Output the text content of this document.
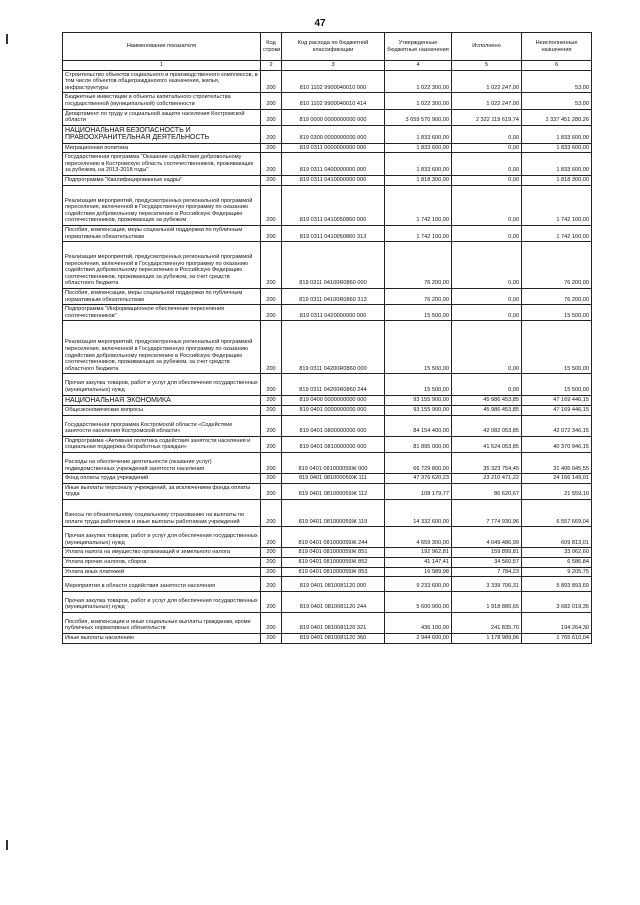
47
Наименование показателя	Код строки	Код расхода по бюджетной классификации	Утвержденные бюджетные назначения	Исполнено	Неисполненные назначения
1	2	3	4	5	6
Строительство объектов социального и производственного комплексов, в том числе объектов общегражданского назначения, жилья, инфраструктуры	200	810 1102 9900040010 000	1 022 300,00	1 022 247,00	53,00
Бюджетные инвестиции в объекты капитального строительства государственной (муниципальной) собственности	200	810 1102 9900040010 414	1 022 300,00	1 022 247,00	53,00
Департамент по труду и социальной защите населения Костромской области	200	819 0000 0000000000 000	3 659 570 900,00	2 322 119 619,74	1 337 451 280,26
НАЦИОНАЛЬНАЯ БЕЗОПАСНОСТЬ И ПРАВООХРАНИТЕЛЬНАЯ ДЕЯТЕЛЬНОСТЬ	200	819 0300 0000000000 000	1 833 600,00	0,00	1 833 600,00
Миграционная политика	200	819 0311 0000000000 000	1 833 600,00	0,00	1 833 600,00
Государственная программа "Оказание содействия добровольному переселению в Костромскую область соотечественников, проживающих за рубежом, на 2013-2018 годы"	200	819 0311 0400000000 000	1 833 600,00	0,00	1 833 600,00
Подпрограмма "Квалифицированные кадры"	200	819 0311 0410000000 000	1 818 300,00	0,00	1 818 300,00
Реализация мероприятий, предусмотренных региональной программой переселения, включенной в Государственную программу по оказанию содействия добровольному переселению в Российскую Федерацию соотечественников, проживающих за рубежом	200	819 0311 0410050860 000	1 742 100,00	0,00	1 742 100,00
Пособия, компенсации, меры социальной поддержки по публичным нормативным обязательствам	200	819 0311 0410050860 313	1 742 100,00	0,00	1 742 100,00
Реализация мероприятий, предусмотренных региональной программой переселения, включенной в Государственную программу по оказанию содействия добровольному переселению в Российскую Федерацию соотечественников, проживающих за рубежом, за счет средств областного бюджета	200	819 0311 04100R0860 000	76 200,00	0,00	76 200,00
Пособия, компенсации, меры социальной поддержки по публичным нормативным обязательствам	200	819 0311 04100R0860 313	76 200,00	0,00	76 200,00
Подпрограмма "Информационное обеспечение переселения соотечественников"	200	819 0311 0420000000 000	15 500,00	0,00	15 500,00
Реализация мероприятий, предусмотренных региональной программой переселения, включенной в Государственную программу по оказанию содействия добровольному переселению в Российскую Федерацию соотечественников, проживающих за рубежом, за счет средств областного бюджета	200	819 0311 04200R0860 000	15 500,00	0,00	15 500,00
Прочая закупка товаров, работ и услуг для обеспечения государственных (муниципальных) нужд	200	819 0311 04200R0860 244	15 500,00	0,00	15 500,00
НАЦИОНАЛЬНАЯ ЭКОНОМИКА	200	819 0400 0000000000 000	93 155 900,00	45 986 453,85	47 169 446,15
Общеэкономические вопросы	200	819 0401 0000000000 000	93 155 900,00	45 986 453,85	47 169 446,15
Государственная программа Костромской области «Содействие занятости населения Костромской области»	200	819 0401 0800000000 000	84 154 400,00	42 082 053,85	42 072 346,15
Подпрограмма «Активная политика содействия занятости населения и социальная поддержка безработных граждан»	200	819 0401 0810000000 000	81 895 000,00	41 524 053,85	40 370 946,15
Расходы на обеспечение деятельности (оказание услуг) подведомственных учреждений занятости населения	200	819 0401 081000059Ж 000	66 729 800,00	35 323 754,45	31 406 045,55
Фонд оплаты труда учреждений	200	819 0401 081000059Ж 111	47 376 620,23	23 210 471,22	24 166 149,01
Иные выплаты персоналу учреждений, за исключением фонда оплаты труда	200	819 0401 081000059Ж 112	108 179,77	86 620,67	21 559,10
Взносы по обязательному социальному страхованию на выплаты по оплате труда работников и иные выплаты работникам учреждений	200	819 0401 081000059Ж 119	14 332 600,00	7 774 930,96	6 557 669,04
Прочая закупка товаров, работ и услуг для обеспечения государственных (муниципальных) нужд	200	819 0401 081000059Ж 244	4 659 300,00	4 049 486,99	609 813,01
Уплата налога на имущество организаций и земельного налога	200	819 0401 081000059Ж 851	192 962,81	159 899,81	33 062,60
Уплата прочих налогов, сборов	200	819 0401 081000059Ж 852	41 147,41	34 560,57	6 586,84
Уплата иных платежей	200	819 0401 081000059Ж 853	16 989,98	7 784,23	9 205,75
Мероприятия в области содействия занятости населения	200	819 0401 0810081120 000	9 233 600,00	3 339 706,31	5 893 893,69
Прочая закупка товаров, работ и услуг для обеспечения государственных (муниципальных) нужд	200	819 0401 0810081120 244	5 600 900,00	1 918 880,65	3 682 019,35
Пособия, компенсации и иные социальные выплаты гражданам, кроме публичных нормативных обязательств	200	819 0401 0810081120 321	436 100,00	241 835,70	194 264,30
Иные выплаты населению	200	819 0401 0810081120 360	2 944 600,00	1 178 989,96	1 765 610,04
